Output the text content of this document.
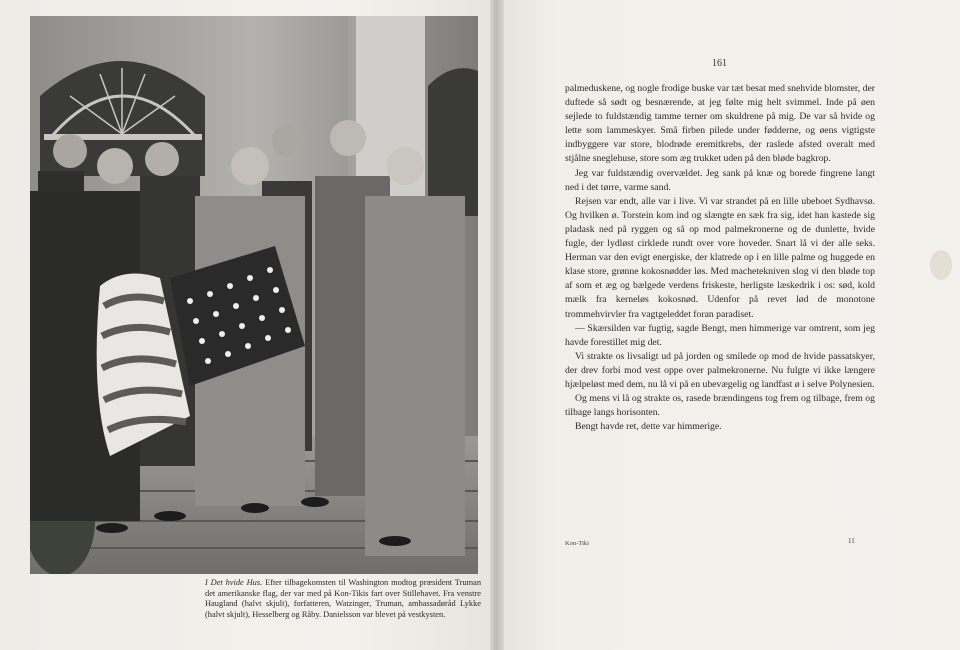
I Det hvide Hus. Efter tilbagekomsten til Washington modtog præsident Truman det amerikanske flag, der var med på Kon-Tikis fart over Stillehavet. Fra venstre Haugland (halvt skjult), forfatteren, Watzinger, Truman, ambassadøråd Lykke (halvt skjult), Hesselberg og Råby. Danielsson var blevet på vestkysten.
161

palmeduskene, og nogle frodige buske var tæt besat med snehvide blomster, der duftede så sødt og besnærende, at jeg følte mig helt svimmel. Inde på øen sejlede to fuldstændig tamme terner om skuldrene på mig. De var så hvide og lette som lammeskyer. Små firben pilede under fødderne, og øens vigtigste indbyggere var store, blodrøde eremitkrebs, der raslede afsted overalt med stjålne sneglehuse, store som æg trukket uden på den bløde bagkrop.

Jeg var fuldstændig overvældet. Jeg sank på knæ og borede fingrene langt ned i det tørre, varme sand.

Rejsen var endt, alle var i live. Vi var strandet på en lille ubeboet Sydhavsø. Og hvilken ø. Torstein kom ind og slængte en sæk fra sig, idet han kastede sig pladask ned på ryggen og så op mod palmekronerne og de dunlette, hvide fugle, der lydløst cirklede rundt over vore hoveder. Snart lå vi der alle seks. Herman var den evigt energiske, der klatrede op i en lille palme og huggede en klase store, grønne kokosnødder løs. Med machetekniven slog vi den bløde top af som et æg og bælgede verdens friskeste, herligste læskedrik i os: sød, kold mælk fra kerneløs kokosnød. Udenfor på revet lød de monotone trommehvirvler fra vagtgeleddet foran paradiset.

— Skærsilden var fugtig, sagde Bengt, men himmerige var omtrent, som jeg havde forestillet mig det.

Vi strakte os livsaligt ud på jorden og smilede op mod de hvide passatskyer, der drev forbi mod vest oppe over palmekronerne. Nu fulgte vi ikke længere hjælpeløst med dem, nu lå vi på en ubevægelig og landfast ø i selve Polynesien.

Og mens vi lå og strakte os, rasede brændingens tog frem og tilbage, frem og tilbage langs horisonten.

Bengt havde ret, dette var himmerige.

Kon-Tiki	11
